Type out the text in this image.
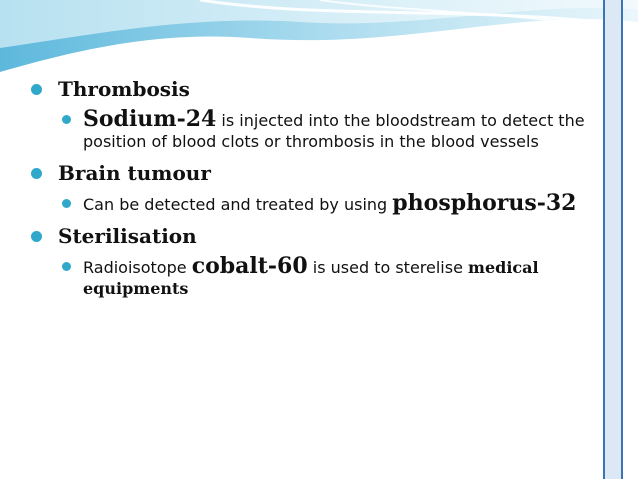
Thrombosis
Sodium-24 is injected into the bloodstream to detect the position of blood clots or thrombosis in the blood vessels
Brain tumour
Can be detected and treated by using phosphorus-32
Sterilisation
Radioisotope cobalt-60 is used to sterelise medical equipments
